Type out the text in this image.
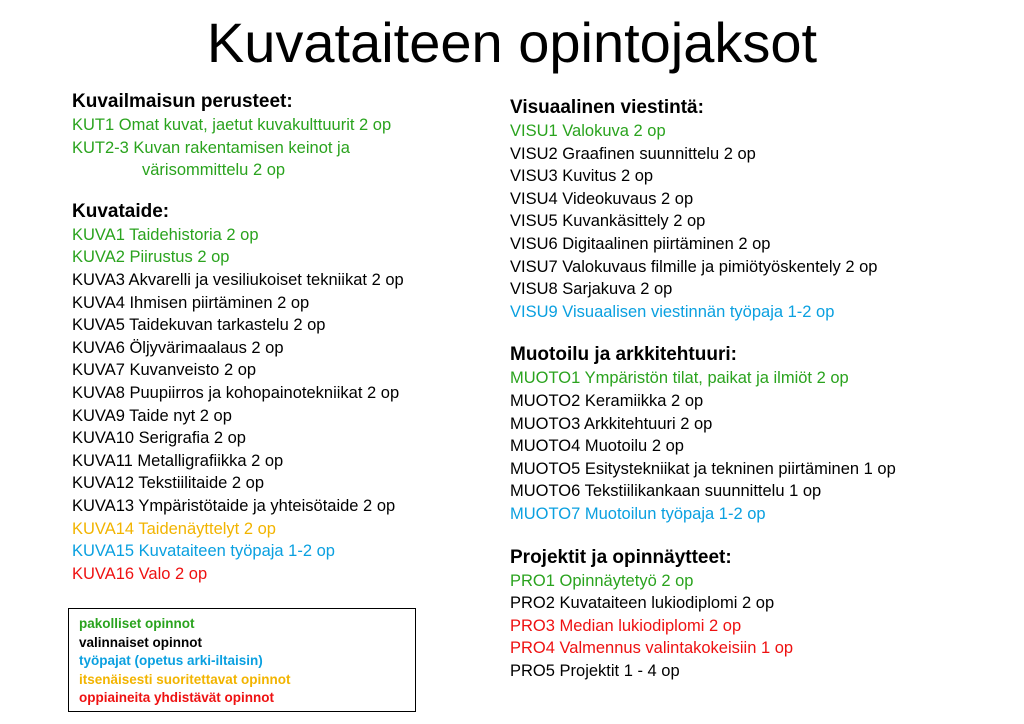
Kuvataiteen opintojaksot
Kuvailmaisun perusteet:
KUT1 Omat kuvat, jaetut kuvakulttuurit 2 op
KUT2-3 Kuvan rakentamisen keinot ja
värisommittelu 2 op
Kuvataide:
KUVA1 Taidehistoria 2 op
KUVA2 Piirustus 2 op
KUVA3 Akvarelli ja vesiliukoiset tekniikat 2 op
KUVA4 Ihmisen piirtäminen 2 op
KUVA5 Taidekuvan tarkastelu 2 op
KUVA6 Öljyvärimaalaus 2 op
KUVA7 Kuvanveisto 2 op
KUVA8 Puupiirros ja kohopainotekniikat 2 op
KUVA9 Taide nyt 2 op
KUVA10 Serigrafia 2 op
KUVA11 Metalligrafiikka 2 op
KUVA12 Tekstiilitaide 2 op
KUVA13 Ympäristötaide ja yhteisötaide 2 op
KUVA14 Taidenäyttelyt 2 op
KUVA15 Kuvataiteen työpaja 1-2 op
KUVA16 Valo 2 op
pakolliset opinnot
valinnaiset opinnot
työpajat (opetus arki-iltaisin)
itsenäisesti suoritettavat opinnot
oppiaineita yhdistävät opinnot
Visuaalinen viestintä:
VISU1 Valokuva 2 op
VISU2 Graafinen suunnittelu 2 op
VISU3 Kuvitus 2 op
VISU4 Videokuvaus 2 op
VISU5 Kuvankäsittely 2 op
VISU6 Digitaalinen piirtäminen 2 op
VISU7 Valokuvaus filmille ja pimiötyöskentely 2 op
VISU8 Sarjakuva 2 op
VISU9 Visuaalisen viestinnän työpaja 1-2 op
Muotoilu ja arkkitehtuuri:
MUOTO1 Ympäristön tilat, paikat ja ilmiöt 2 op
MUOTO2 Keramiikka 2 op
MUOTO3 Arkkitehtuuri 2 op
MUOTO4 Muotoilu 2 op
MUOTO5 Esitystekniikat ja tekninen piirtäminen 1 op
MUOTO6 Tekstiilikankaan suunnittelu 1 op
MUOTO7 Muotoilun työpaja 1-2 op
Projektit ja opinnäytteet:
PRO1 Opinnäytetyö 2 op
PRO2 Kuvataiteen lukiodiplomi 2 op
PRO3 Median lukiodiplomi 2 op
PRO4 Valmennus valintakokeisiin 1 op
PRO5 Projektit 1 - 4 op
